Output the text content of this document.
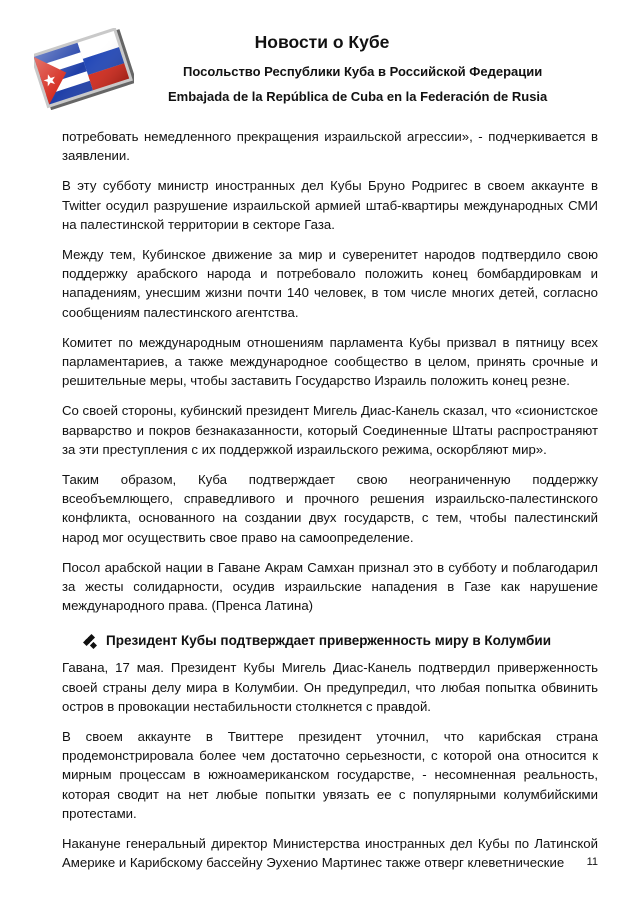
Новости о Кубе
Посольство Республики Куба в Российской Федерации
Embajada de la República de Cuba en la Federación de Rusia

потребовать немедленного прекращения израильской агрессии», - подчеркивается в заявлении.

В эту субботу министр иностранных дел Кубы Бруно Родригес в своем аккаунте в Twitter осудил разрушение израильской армией штаб-квартиры международных СМИ на палестинской территории в секторе Газа.

Между тем, Кубинское движение за мир и суверенитет народов подтвердило свою поддержку арабского народа и потребовало положить конец бомбардировкам и нападениям, унесшим жизни почти 140 человек, в том числе многих детей, согласно сообщениям палестинского агентства.

Комитет по международным отношениям парламента Кубы призвал в пятницу всех парламентариев, а также международное сообщество в целом, принять срочные и решительные меры, чтобы заставить Государство Израиль положить конец резне.

Со своей стороны, кубинский президент Мигель Диас-Канель сказал, что «сионистское варварство и покров безнаказанности, который Соединенные Штаты распространяют за эти преступления с их поддержкой израильского режима, оскорбляют мир».

Таким образом, Куба подтверждает свою неограниченную поддержку всеобъемлющего, справедливого и прочного решения израильско-палестинского конфликта, основанного на создании двух государств, с тем, чтобы палестинский народ мог осуществить свое право на самоопределение.

Посол арабской нации в Гаване Акрам Самхан признал это в субботу и поблагодарил за жесты солидарности, осудив израильские нападения в Газе как нарушение международного права. (Пренса Латина)

Президент Кубы подтверждает приверженность миру в Колумбии

Гавана, 17 мая. Президент Кубы Мигель Диас-Канель подтвердил приверженность своей страны делу мира в Колумбии. Он предупредил, что любая попытка обвинить остров в провокации нестабильности столкнется с правдой.

В своем аккаунте в Твиттере президент уточнил, что карибская страна продемонстрировала более чем достаточно серьезности, с которой она относится к мирным процессам в южноамериканском государстве, - несомненная реальность, которая сводит на нет любые попытки увязать ее с популярными колумбийскими протестами.

Накануне генеральный директор Министерства иностранных дел Кубы по Латинской Америке и Карибскому бассейну Эухенио Мартинес также отверг клеветнические	11
